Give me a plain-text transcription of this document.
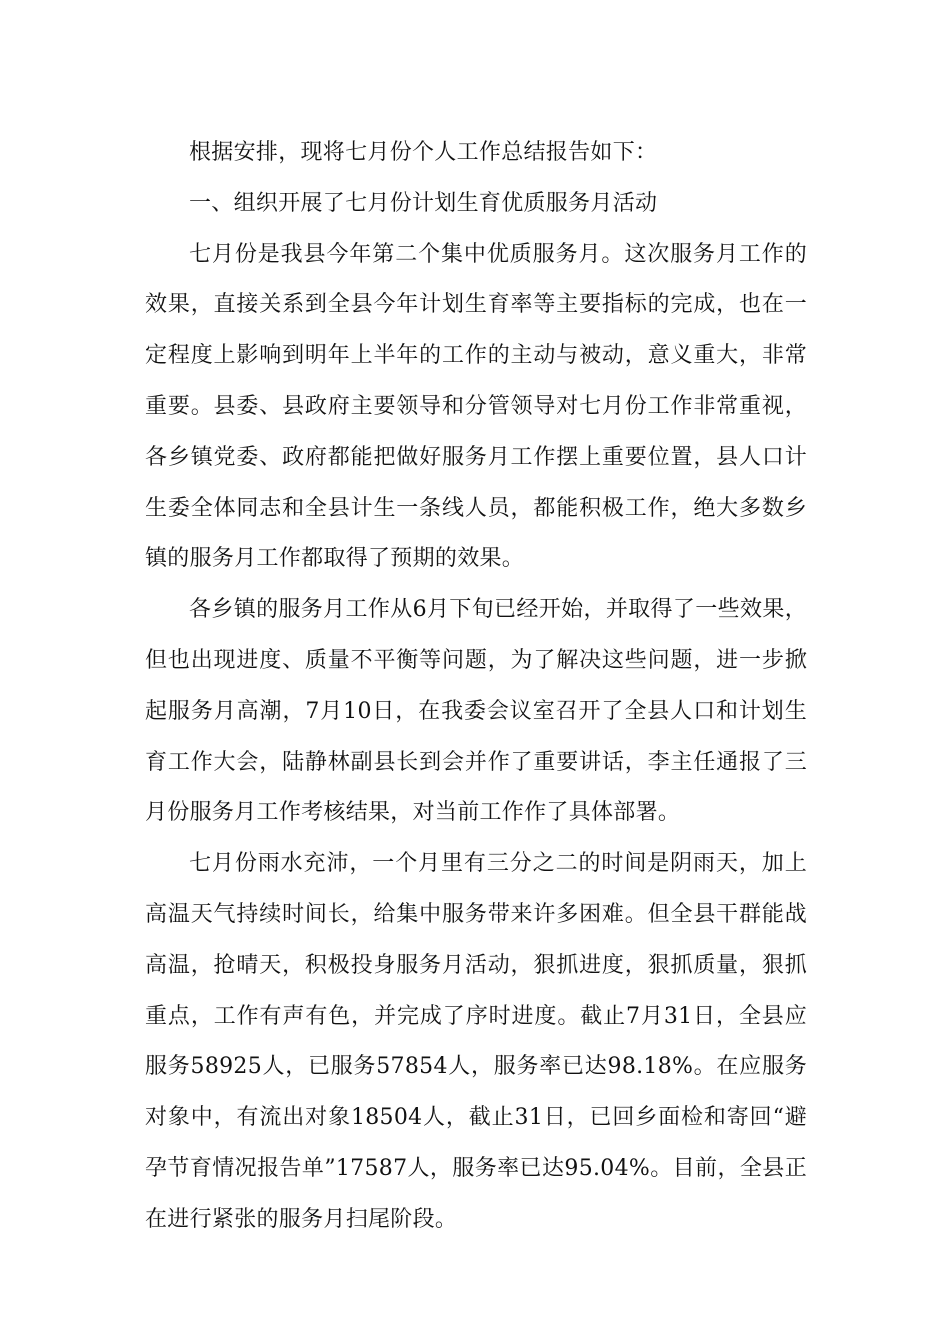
根据安排，现将七月份个人工作总结报告如下：

一、组织开展了七月份计划生育优质服务月活动

七月份是我县今年第二个集中优质服务月。这次服务月工作的效果，直接关系到全县今年计划生育率等主要指标的完成，也在一定程度上影响到明年上半年的工作的主动与被动，意义重大，非常重要。县委、县政府主要领导和分管领导对七月份工作非常重视，各乡镇党委、政府都能把做好服务月工作摆上重要位置，县人口计生委全体同志和全县计生一条线人员，都能积极工作，绝大多数乡镇的服务月工作都取得了预期的效果。

各乡镇的服务月工作从6月下旬已经开始，并取得了一些效果，但也出现进度、质量不平衡等问题，为了解决这些问题，进一步掀起服务月高潮，7月10日，在我委会议室召开了全县人口和计划生育工作大会，陆静林副县长到会并作了重要讲话，李主任通报了三月份服务月工作考核结果，对当前工作作了具体部署。

七月份雨水充沛，一个月里有三分之二的时间是阴雨天，加上高温天气持续时间长，给集中服务带来许多困难。但全县干群能战高温，抢晴天，积极投身服务月活动，狠抓进度，狠抓质量，狠抓重点，工作有声有色，并完成了序时进度。截止7月31日，全县应服务58925人，已服务57854人，服务率已达98.18%。在应服务对象中，有流出对象18504人，截止31日，已回乡面检和寄回“避孕节育情况报告单”17587人，服务率已达95.04%。目前，全县正在进行紧张的服务月扫尾阶段。
